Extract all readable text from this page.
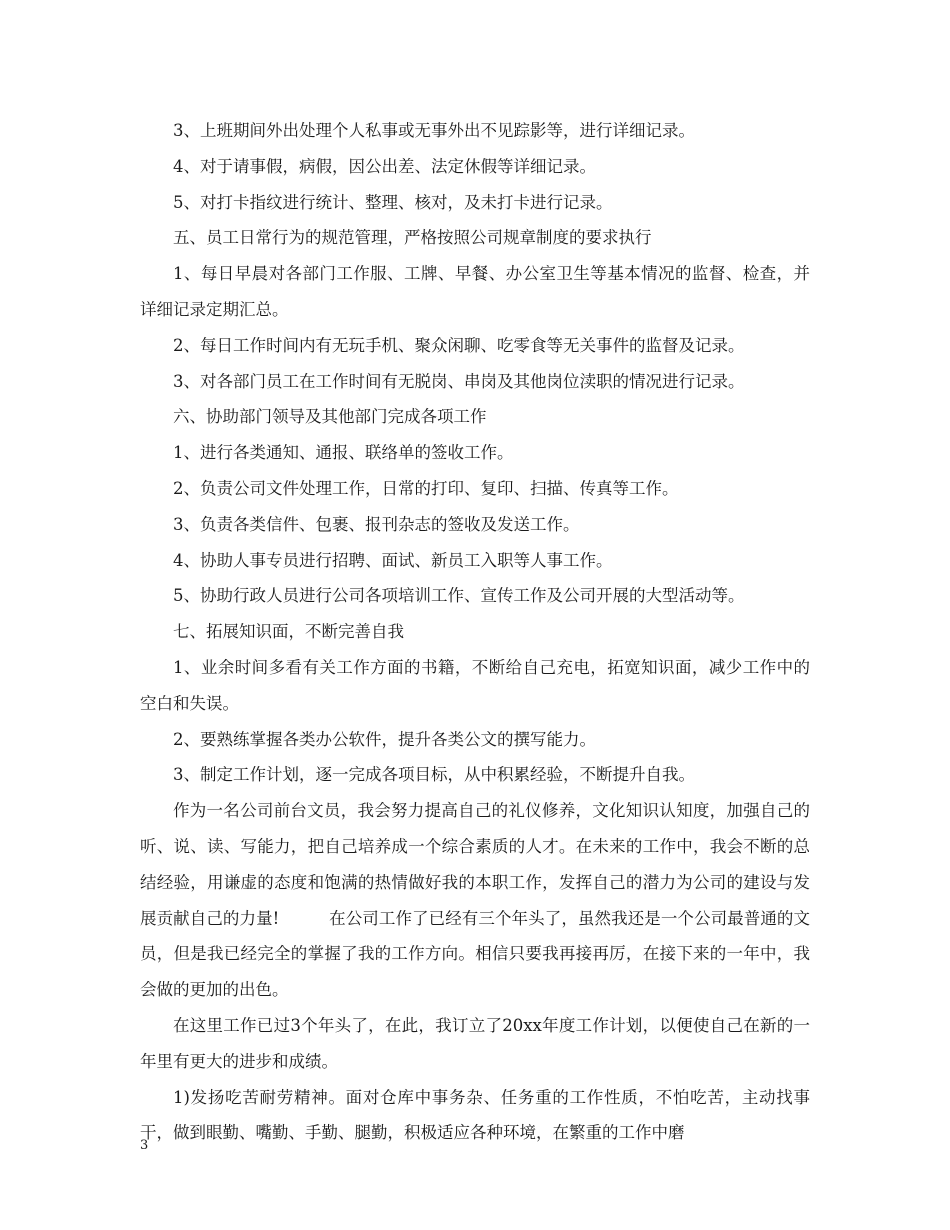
3、上班期间外出处理个人私事或无事外出不见踪影等，进行详细记录。

4、对于请事假，病假，因公出差、法定休假等详细记录。

5、对打卡指纹进行统计、整理、核对，及未打卡进行记录。

五、员工日常行为的规范管理，严格按照公司规章制度的要求执行

1、每日早晨对各部门工作服、工牌、早餐、办公室卫生等基本情况的监督、检查，并详细记录定期汇总。

2、每日工作时间内有无玩手机、聚众闲聊、吃零食等无关事件的监督及记录。

3、对各部门员工在工作时间有无脱岗、串岗及其他岗位渎职的情况进行记录。

六、协助部门领导及其他部门完成各项工作

1、进行各类通知、通报、联络单的签收工作。

2、负责公司文件处理工作，日常的打印、复印、扫描、传真等工作。

3、负责各类信件、包裹、报刊杂志的签收及发送工作。

4、协助人事专员进行招聘、面试、新员工入职等人事工作。

5、协助行政人员进行公司各项培训工作、宣传工作及公司开展的大型活动等。

七、拓展知识面，不断完善自我

1、业余时间多看有关工作方面的书籍，不断给自己充电，拓宽知识面，减少工作中的空白和失误。

2、要熟练掌握各类办公软件，提升各类公文的撰写能力。

3、制定工作计划，逐一完成各项目标，从中积累经验，不断提升自我。

作为一名公司前台文员，我会努力提高自己的礼仪修养，文化知识认知度，加强自己的听、说、读、写能力，把自己培养成一个综合素质的人才。在未来的工作中，我会不断的总结经验，用谦虚的态度和饱满的热情做好我的本职工作，发挥自己的潜力为公司的建设与发展贡献自己的力量!　　　在公司工作了已经有三个年头了，虽然我还是一个公司最普通的文员，但是我已经完全的掌握了我的工作方向。相信只要我再接再厉，在接下来的一年中，我会做的更加的出色。

在这里工作已过3个年头了，在此，我订立了20xx年度工作计划，以便使自己在新的一年里有更大的进步和成绩。

1)发扬吃苦耐劳精神。面对仓库中事务杂、任务重的工作性质，不怕吃苦，主动找事干，做到眼勤、嘴勤、手勤、腿勤，积极适应各种环境，在繁重的工作中磨

3
